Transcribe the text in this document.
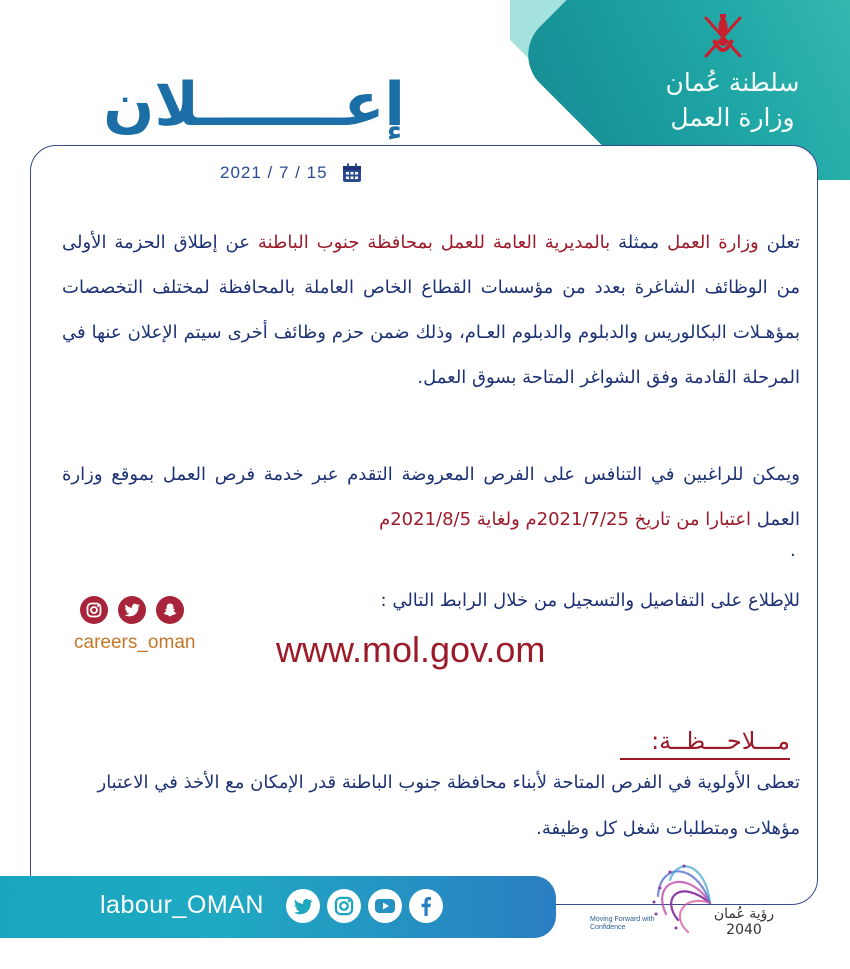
سلطنة عُمان
وزارة العمل
إعـــــــلان
2021 / 7 / 15

تعلن وزارة العمل ممثلة بالمديرية العامة للعمل بمحافظة جنوب الباطنة عن إطلاق الحزمة الأولى من الوظائف الشاغرة بعدد من مؤسسات القطاع الخاص العاملة بالمحافظة لمختلف التخصصات بمؤهـلات البكالوريس والدبلوم والدبلوم العـام، وذلك ضمن حزم وظائف أخرى سيتم الإعلان عنها في المرحلة القادمة وفق الشواغر المتاحة بسوق العمل.

ويمكن للراغبين في التنافس على الفرص المعروضة التقدم عبر خدمة فرص العمل بموقع وزارة العمل اعتبارا من تاريخ 2021/7/25م ولغاية 2021/8/5م

.
للإطلاع على التفاصيل والتسجيل من خلال الرابط التالي :
www.mol.gov.om
careers_oman
مـــلاحـــظــة:
تعطى الأولوية في الفرص المتاحة لأبناء محافظة جنوب الباطنة قدر الإمكان مع الأخذ في الاعتبار مؤهلات ومتطلبات شغل كل وظيفة.
labour_OMAN	رؤية عُمان 2040
Moving Forward with Confidence
